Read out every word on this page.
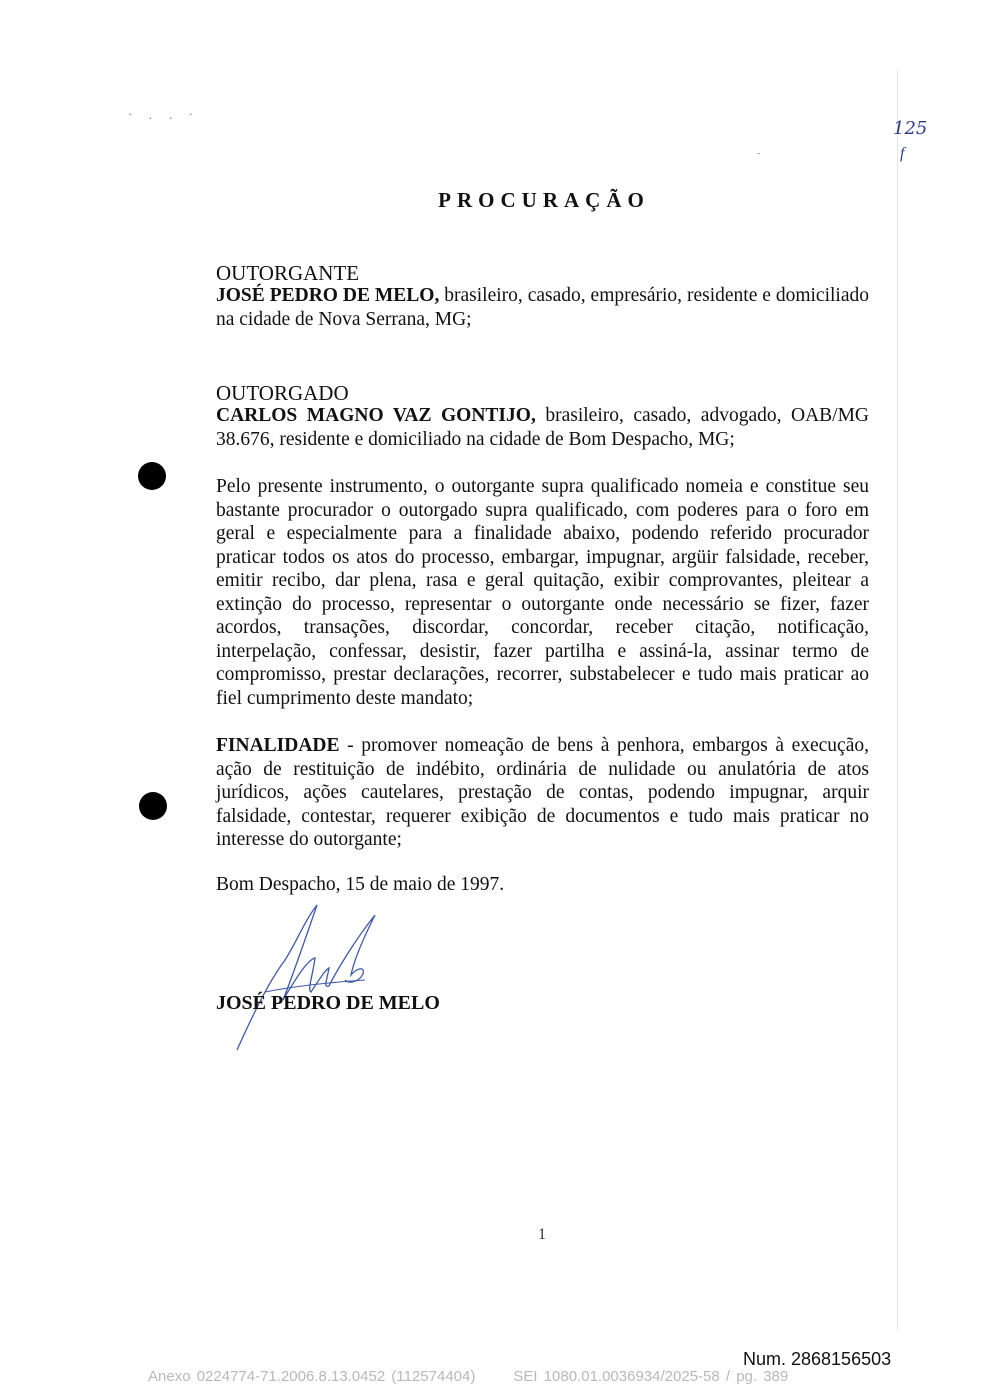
` · · ´	125
f
-
PROCURAÇÃO
OUTORGANTE
JOSÉ PEDRO DE MELO, brasileiro, casado, empresário, residente e domiciliado na cidade de Nova Serrana, MG;
OUTORGADO
CARLOS MAGNO VAZ GONTIJO, brasileiro, casado, advogado, OAB/MG 38.676, residente e domiciliado na cidade de Bom Despacho, MG;
Pelo presente instrumento, o outorgante supra qualificado nomeia e constitue seu bastante procurador o outorgado supra qualificado, com poderes para o foro em geral e especialmente para a finalidade abaixo, podendo referido procurador praticar todos os atos do processo, embargar, impugnar, argüir falsidade, receber, emitir recibo, dar plena, rasa e geral quitação, exibir comprovantes, pleitear a extinção do processo, representar o outorgante onde necessário se fizer, fazer acordos, transações, discordar, concordar, receber citação, notificação, interpelação, confessar, desistir, fazer partilha e assiná-la, assinar termo de compromisso, prestar declarações, recorrer, substabelecer e tudo mais praticar ao fiel cumprimento deste mandato;
FINALIDADE - promover nomeação de bens à penhora, embargos à execução, ação de restituição de indébito, ordinária de nulidade ou anulatória de atos jurídicos, ações cautelares, prestação de contas, podendo impugnar, arquir falsidade, contestar, requerer exibição de documentos e tudo mais praticar no interesse do outorgante;
Bom Despacho, 15 de maio de 1997.
JOSÉ PEDRO DE MELO
1
Num. 2868156503
Anexo 0224774-71.2006.8.13.0452 (112574404)	SEI 1080.01.0036934/2025-58 / pg. 389
